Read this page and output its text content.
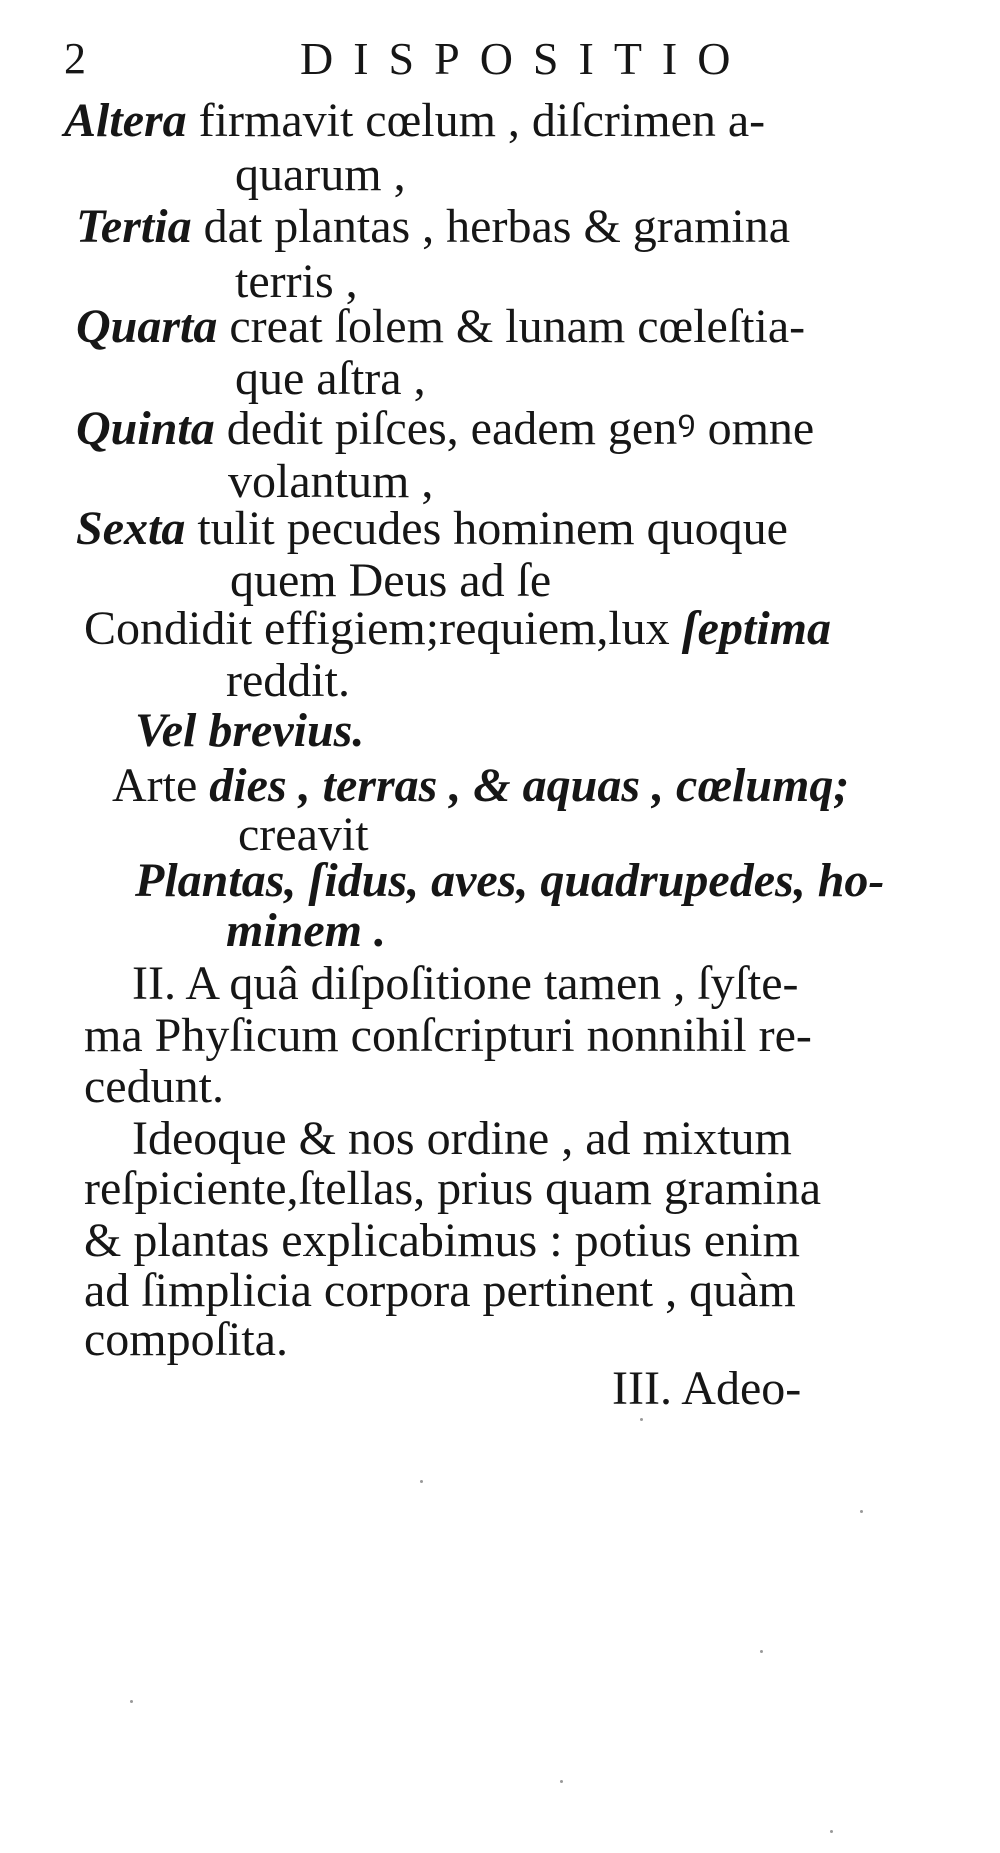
2	DISPOSITIO
Altera firmavit cœlum , diſcrimen a-
quarum ,
Tertia dat plantas , herbas & gramina
terris ,
Quarta creat ſolem & lunam cœleſtia-
que aſtra ,
Quinta dedit piſces, eadem genꝰ omne
volantum ,
Sexta tulit pecudes hominem quoque
quem Deus ad ſe
Condidit effigiem;requiem,lux ſeptima
reddit.
Vel brevius.
Arte dies , terras , & aquas , cœlumq;
creavit
Plantas, ſidus, aves, quadrupedes, ho-
minem .
II. A quâ diſpoſitione tamen , ſyſte-
ma Phyſicum conſcripturi nonnihil re-
cedunt.
Ideoque & nos ordine , ad mixtum
reſpiciente,ſtellas, prius quam gramina
& plantas explicabimus : potius enim
ad ſimplicia corpora pertinent , quàm
compoſita.
III. Adeo-
